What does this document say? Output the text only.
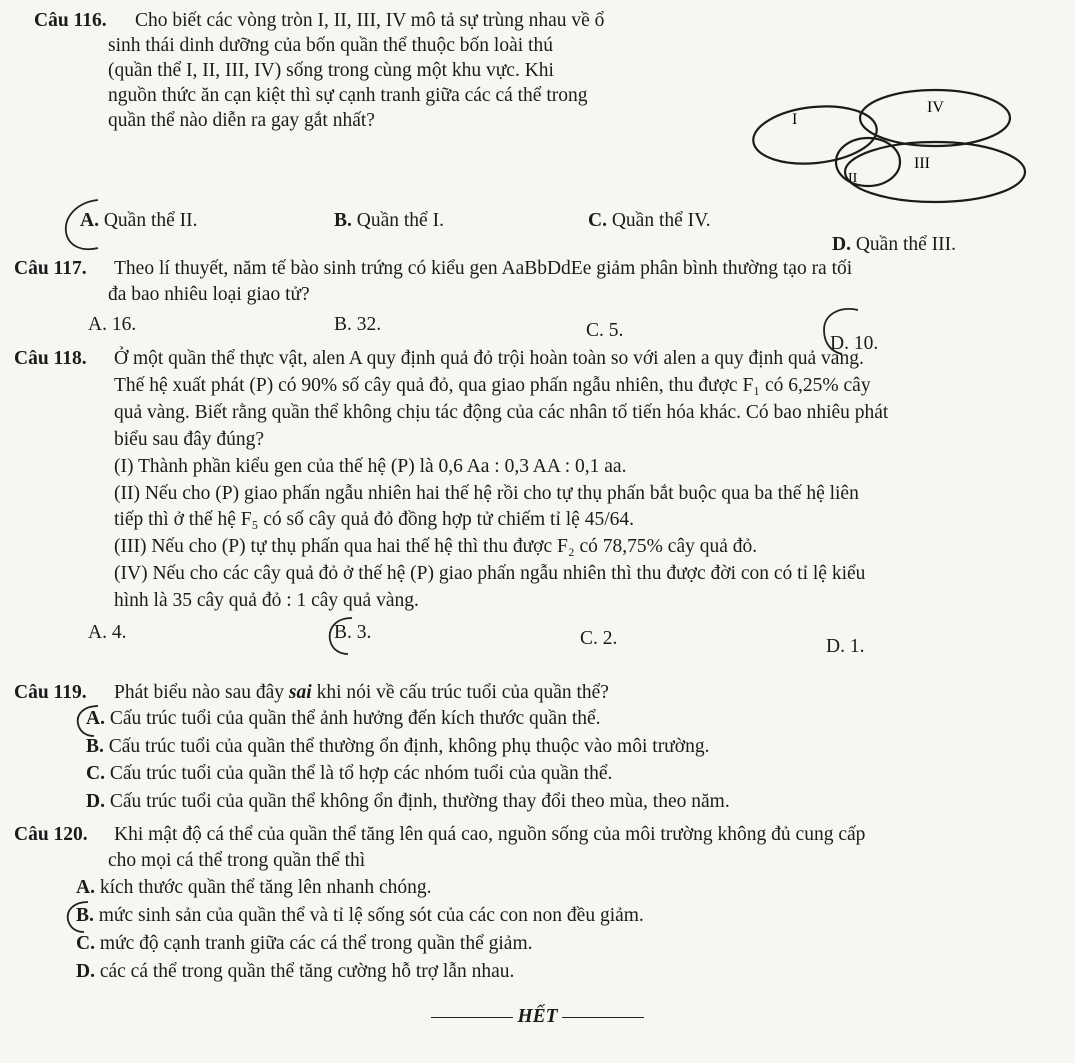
Câu 116. Cho biết các vòng tròn I, II, III, IV mô tả sự trùng nhau về ổ
sinh thái dinh dưỡng của bốn quần thể thuộc bốn loài thú
(quần thể I, II, III, IV) sống trong cùng một khu vực. Khi
nguồn thức ăn cạn kiệt thì sự cạnh tranh giữa các cá thể trong
quần thể nào diễn ra gay gắt nhất?	I
IV
II
III
A. Quần thể II.	B. Quần thể I.	C. Quần thể IV.
D. Quần thể III.
Câu 117. Theo lí thuyết, năm tế bào sinh trứng có kiểu gen AaBbDdEe giảm phân bình thường tạo ra tối
đa bao nhiêu loại giao tử?
A. 16.	B. 32.	C. 5.
D. 10.
Câu 118. Ở một quần thể thực vật, alen A quy định quả đỏ trội hoàn toàn so với alen a quy định quả vàng.
Thế hệ xuất phát (P) có 90% số cây quả đỏ, qua giao phấn ngẫu nhiên, thu được F₁ có 6,25% cây
quả vàng. Biết rằng quần thể không chịu tác động của các nhân tố tiến hóa khác. Có bao nhiêu phát
biểu sau đây đúng?
(I) Thành phần kiểu gen của thế hệ (P) là 0,6 Aa : 0,3 AA : 0,1 aa.
(II) Nếu cho (P) giao phấn ngẫu nhiên hai thế hệ rồi cho tự thụ phấn bắt buộc qua ba thế hệ liên
tiếp thì ở thế hệ F₅ có số cây quả đỏ đồng hợp tử chiếm tỉ lệ 45/64.
(III) Nếu cho (P) tự thụ phấn qua hai thế hệ thì thu được F₂ có 78,75% cây quả đỏ.
(IV) Nếu cho các cây quả đỏ ở thế hệ (P) giao phấn ngẫu nhiên thì thu được đời con có tỉ lệ kiểu
hình là 35 cây quả đỏ : 1 cây quả vàng.
A. 4.	B. 3.	C. 2.	D. 1.
Câu 119. Phát biểu nào sau đây sai khi nói về cấu trúc tuổi của quần thể?
A. Cấu trúc tuổi của quần thể ảnh hưởng đến kích thước quần thể.
B. Cấu trúc tuổi của quần thể thường ổn định, không phụ thuộc vào môi trường.
C. Cấu trúc tuổi của quần thể là tổ hợp các nhóm tuổi của quần thể.
D. Cấu trúc tuổi của quần thể không ổn định, thường thay đổi theo mùa, theo năm.
Câu 120. Khi mật độ cá thể của quần thể tăng lên quá cao, nguồn sống của môi trường không đủ cung cấp
cho mọi cá thể trong quần thể thì
A. kích thước quần thể tăng lên nhanh chóng.
B. mức sinh sản của quần thể và tỉ lệ sống sót của các con non đều giảm.
C. mức độ cạnh tranh giữa các cá thể trong quần thể giảm.
D. các cá thể trong quần thể tăng cường hỗ trợ lẫn nhau.
HẾT
